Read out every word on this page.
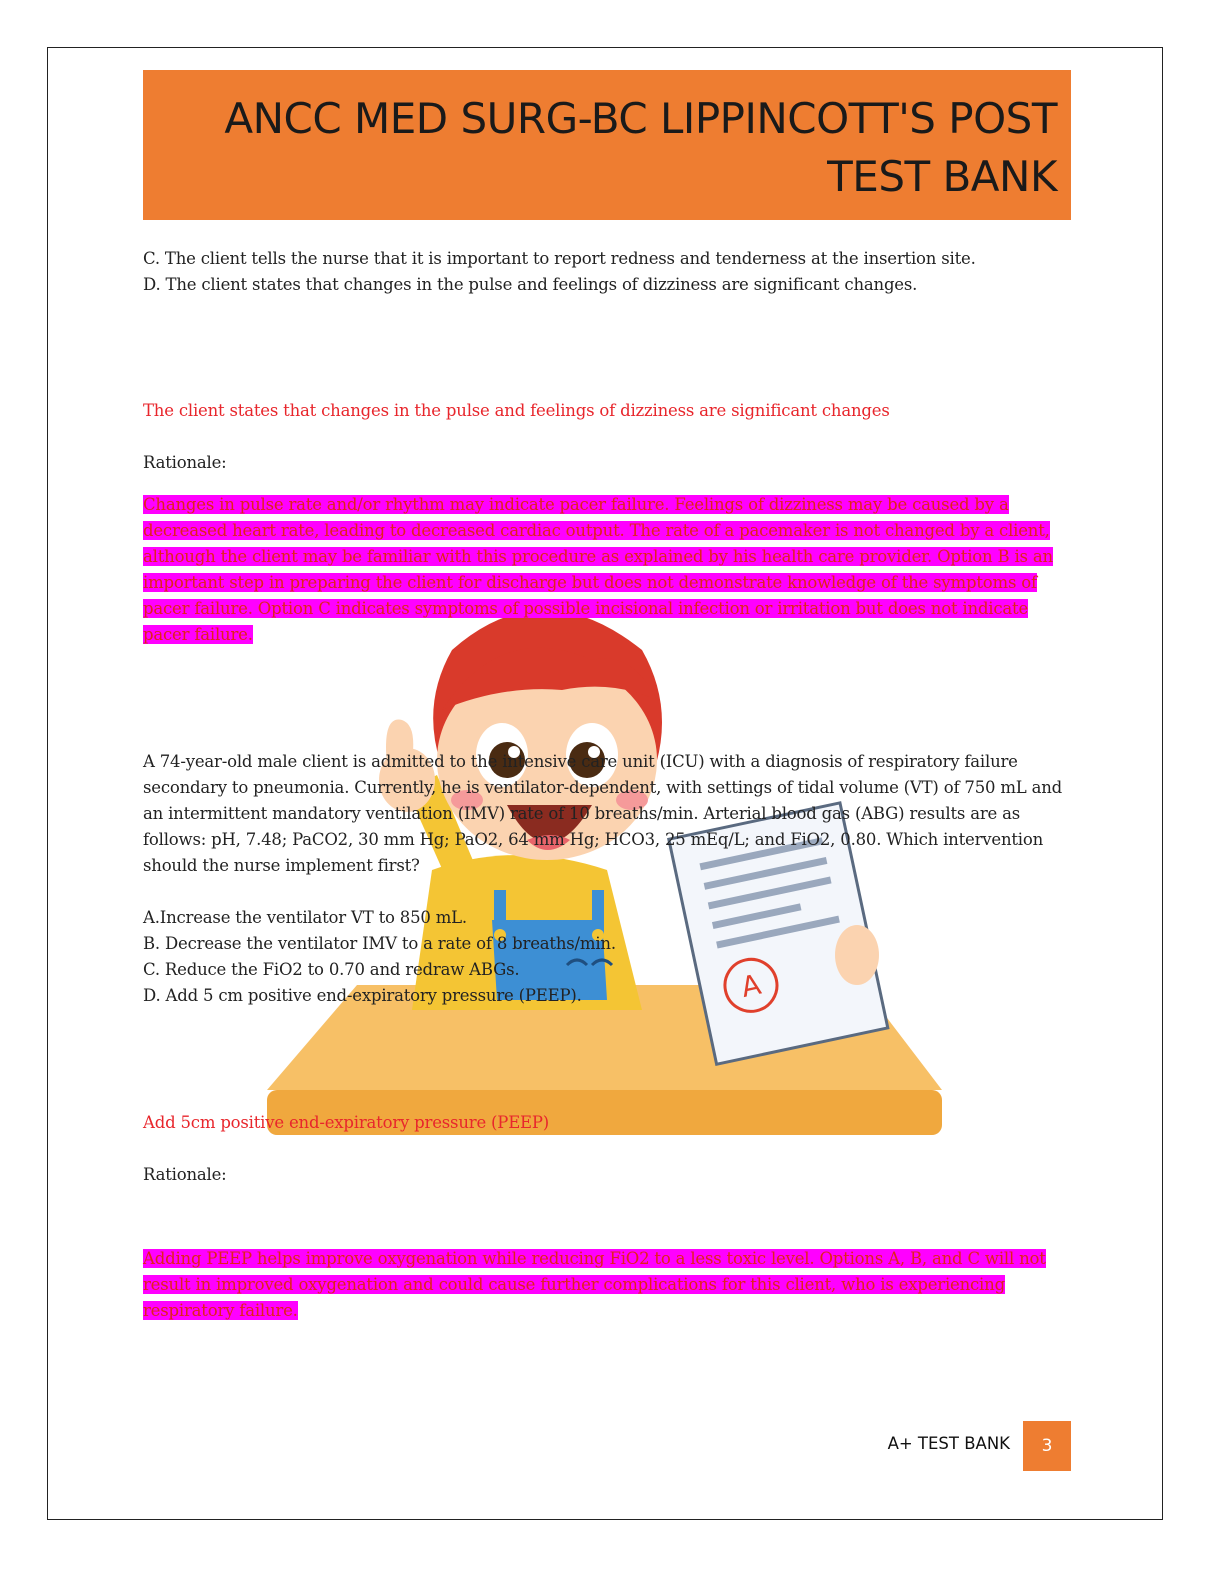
ANCC MED SURG-BC LIPPINCOTT'S POST
TEST BANK
A

C. The client tells the nurse that it is important to report redness and tenderness at the insertion site.

D. The client states that changes in the pulse and feelings of dizziness are significant changes.

The client states that changes in the pulse and feelings of dizziness are significant changes
Rationale:
Changes in pulse rate and/or rhythm may indicate pacer failure. Feelings of dizziness may be caused by a decreased heart rate, leading to decreased cardiac output. The rate of a pacemaker is not changed by a client, although the client may be familiar with this procedure as explained by his health care provider. Option B is an important step in preparing the client for discharge but does not demonstrate knowledge of the symptoms of pacer failure. Option C indicates symptoms of possible incisional infection or irritation but does not indicate pacer failure.
A 74-year-old male client is admitted to the intensive care unit (ICU) with a diagnosis of respiratory failure secondary to pneumonia. Currently, he is ventilator-dependent, with settings of tidal volume (VT) of 750 mL and an intermittent mandatory ventilation (IMV) rate of 10 breaths/min. Arterial blood gas (ABG) results are as follows: pH, 7.48; PaCO2, 30 mm Hg; PaO2, 64 mm Hg; HCO3, 25 mEq/L; and FiO2, 0.80. Which intervention should the nurse implement first?

A.Increase the ventilator VT to 850 mL.

B. Decrease the ventilator IMV to a rate of 8 breaths/min.

C. Reduce the FiO2 to 0.70 and redraw ABGs.

D. Add 5 cm positive end-expiratory pressure (PEEP).

Add 5cm positive end-expiratory pressure (PEEP)
Rationale:
Adding PEEP helps improve oxygenation while reducing FiO2 to a less toxic level. Options A, B, and C will not result in improved oxygenation and could cause further complications for this client, who is experiencing respiratory failure.
A+ TEST BANK	3
